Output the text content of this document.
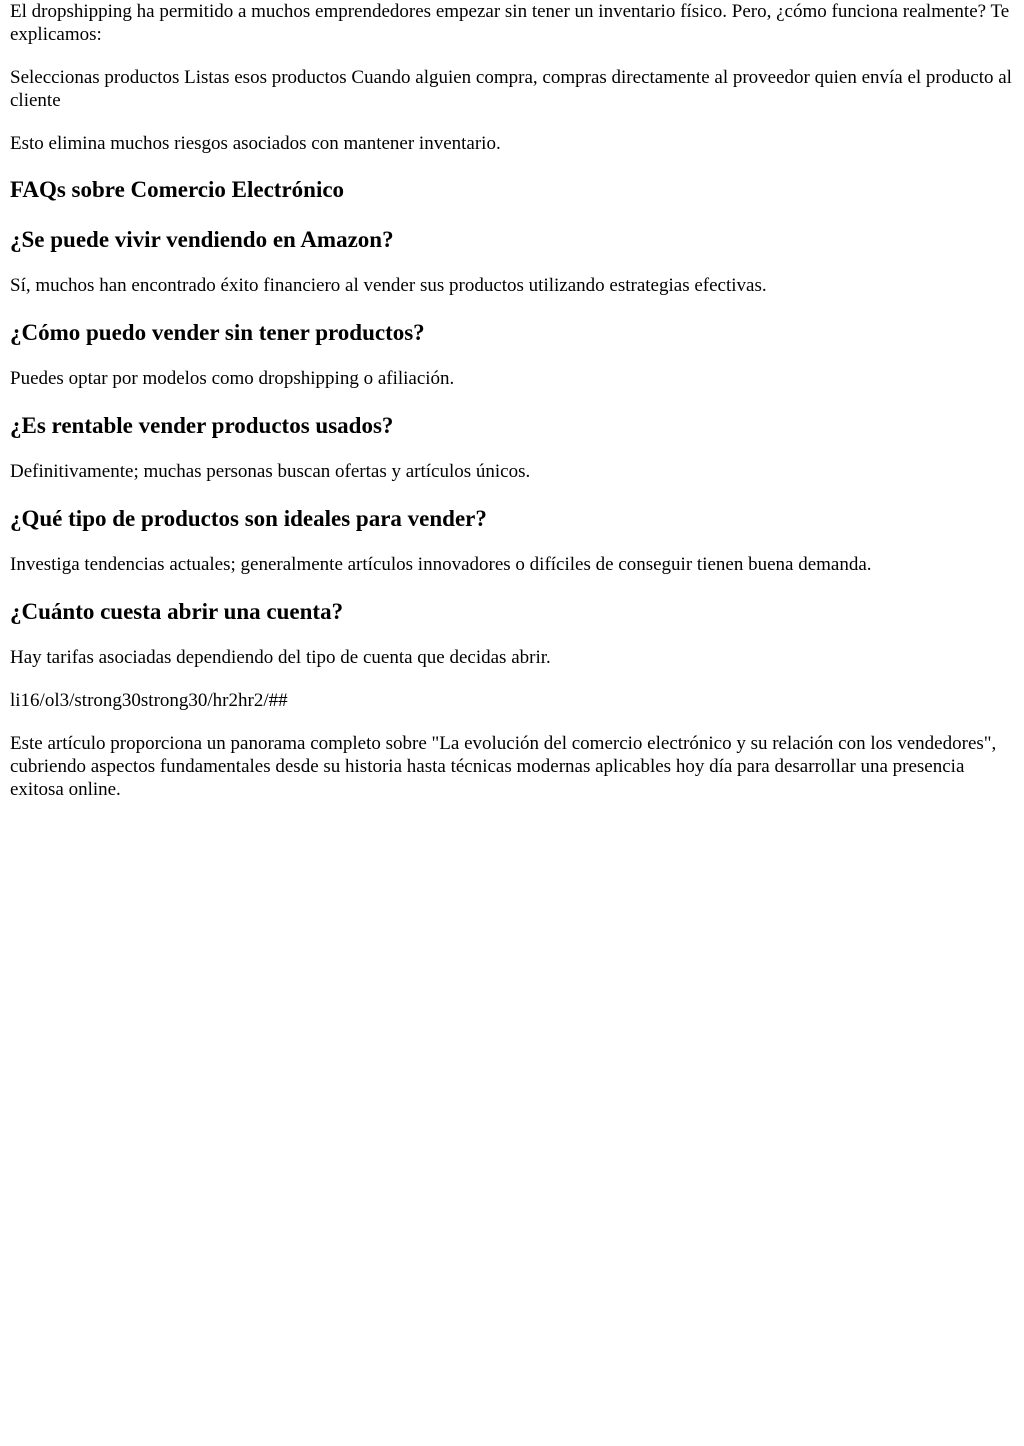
El dropshipping ha permitido a muchos emprendedores empezar sin tener un inventario físico. Pero, ¿cómo funciona realmente? Te explicamos:

Seleccionas productos Listas esos productos Cuando alguien compra, compras directamente al proveedor quien envía el producto al cliente

Esto elimina muchos riesgos asociados con mantener inventario.

FAQs sobre Comercio Electrónico
¿Se puede vivir vendiendo en Amazon?

Sí, muchos han encontrado éxito financiero al vender sus productos utilizando estrategias efectivas.

¿Cómo puedo vender sin tener productos?

Puedes optar por modelos como dropshipping o afiliación.

¿Es rentable vender productos usados?

Definitivamente; muchas personas buscan ofertas y artículos únicos.

¿Qué tipo de productos son ideales para vender?

Investiga tendencias actuales; generalmente artículos innovadores o difíciles de conseguir tienen buena demanda.

¿Cuánto cuesta abrir una cuenta?

Hay tarifas asociadas dependiendo del tipo de cuenta que decidas abrir.

li16/ol3/strong30strong30/hr2hr2/##

Este artículo proporciona un panorama completo sobre "La evolución del comercio electrónico y su relación con los vendedores", cubriendo aspectos fundamentales desde su historia hasta técnicas modernas aplicables hoy día para desarrollar una presencia exitosa online.
